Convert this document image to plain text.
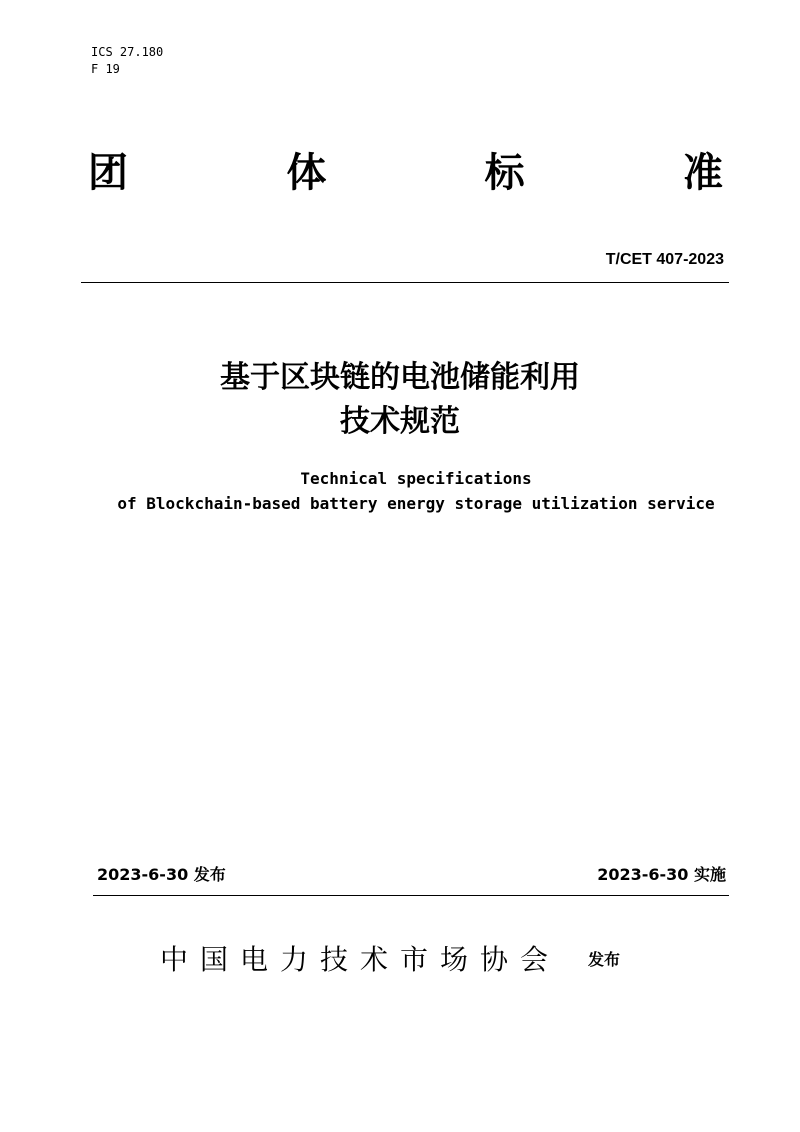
ICS 27.180
F 19
团	体	标	准
T/CET 407-2023
基于区块链的电池储能利用
技术规范
Technical specifications
of Blockchain-based battery energy storage utilization service
2023-6-30 发布	2023-6-30 实施
中国电力技术市场协会 发布
